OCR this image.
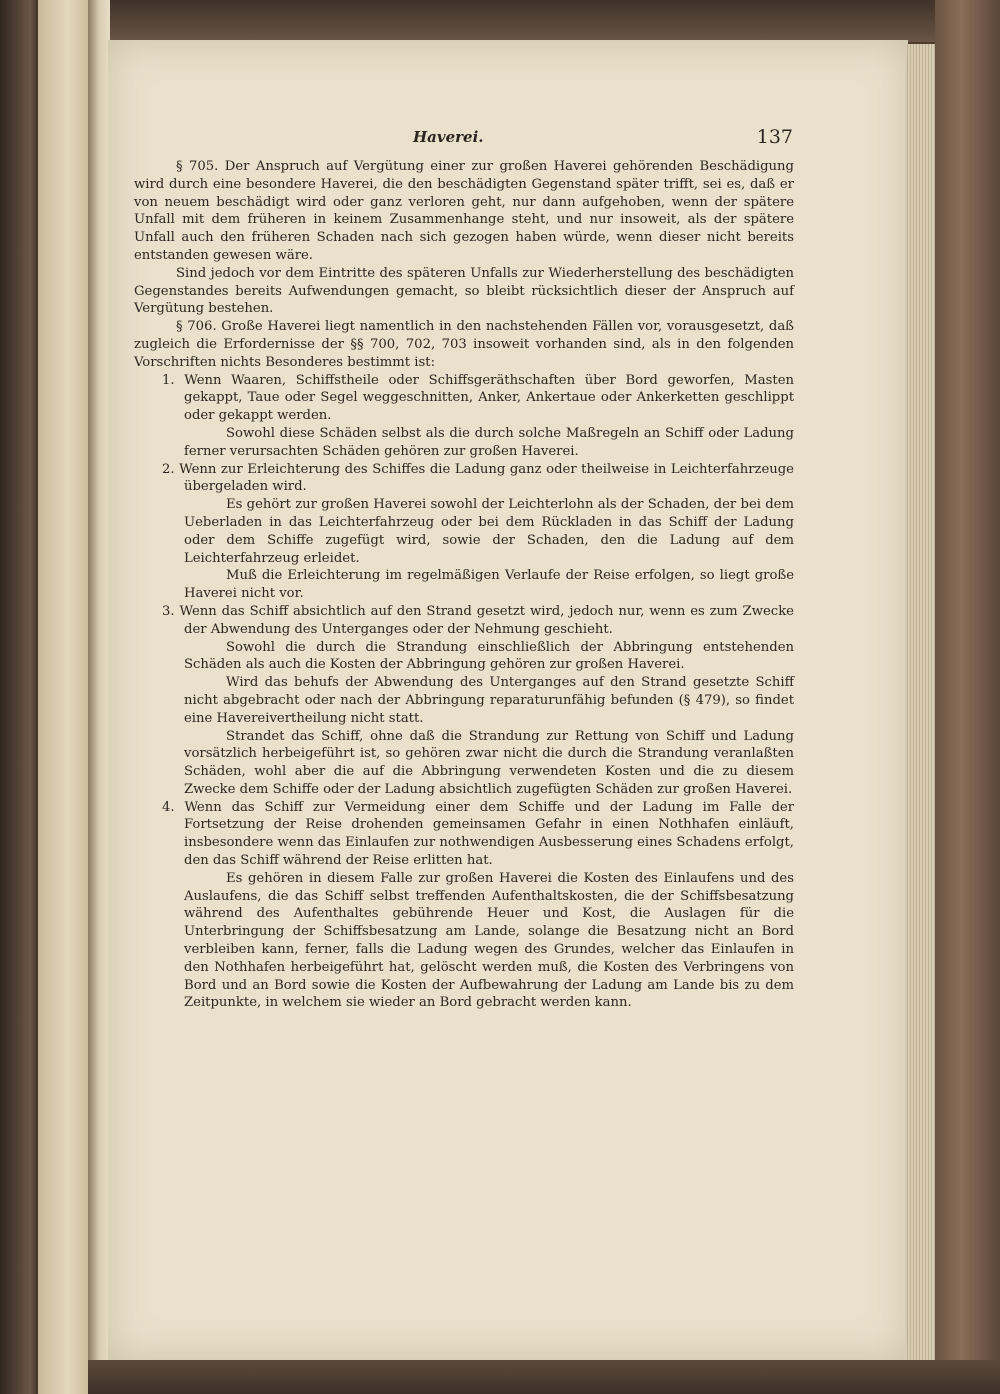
Haverei.	137

§ 705. Der Anspruch auf Vergütung einer zur großen Haverei gehörenden Beschädigung wird durch eine besondere Haverei, die den beschädigten Gegenstand später trifft, sei es, daß er von neuem beschädigt wird oder ganz verloren geht, nur dann aufgehoben, wenn der spätere Unfall mit dem früheren in keinem Zusammenhange steht, und nur insoweit, als der spätere Unfall auch den früheren Schaden nach sich gezogen haben würde, wenn dieser nicht bereits entstanden gewesen wäre.

Sind jedoch vor dem Eintritte des späteren Unfalls zur Wiederherstellung des beschädigten Gegenstandes bereits Aufwendungen gemacht, so bleibt rücksichtlich dieser der Anspruch auf Vergütung bestehen.

§ 706. Große Haverei liegt namentlich in den nachstehenden Fällen vor, vorausgesetzt, daß zugleich die Erfordernisse der §§ 700, 702, 703 insoweit vorhanden sind, als in den folgenden Vorschriften nichts Besonderes bestimmt ist:

1. Wenn Waaren, Schiffstheile oder Schiffsgeräthschaften über Bord geworfen, Masten gekappt, Taue oder Segel weggeschnitten, Anker, Ankertaue oder Ankerketten geschlippt oder gekappt werden.

Sowohl diese Schäden selbst als die durch solche Maßregeln an Schiff oder Ladung ferner verursachten Schäden gehören zur großen Haverei.

2. Wenn zur Erleichterung des Schiffes die Ladung ganz oder theilweise in Leichterfahrzeuge übergeladen wird.

Es gehört zur großen Haverei sowohl der Leichterlohn als der Schaden, der bei dem Ueberladen in das Leichterfahrzeug oder bei dem Rückladen in das Schiff der Ladung oder dem Schiffe zugefügt wird, sowie der Schaden, den die Ladung auf dem Leichterfahrzeug erleidet.

Muß die Erleichterung im regelmäßigen Verlaufe der Reise erfolgen, so liegt große Haverei nicht vor.

3. Wenn das Schiff absichtlich auf den Strand gesetzt wird, jedoch nur, wenn es zum Zwecke der Abwendung des Unterganges oder der Nehmung geschieht.

Sowohl die durch die Strandung einschließlich der Abbringung entstehenden Schäden als auch die Kosten der Abbringung gehören zur großen Haverei.

Wird das behufs der Abwendung des Unterganges auf den Strand gesetzte Schiff nicht abgebracht oder nach der Abbringung reparaturunfähig befunden (§ 479), so findet eine Havereivertheilung nicht statt.

Strandet das Schiff, ohne daß die Strandung zur Rettung von Schiff und Ladung vorsätzlich herbeigeführt ist, so gehören zwar nicht die durch die Strandung veranlaßten Schäden, wohl aber die auf die Abbringung verwendeten Kosten und die zu diesem Zwecke dem Schiffe oder der Ladung absichtlich zugefügten Schäden zur großen Haverei.

4. Wenn das Schiff zur Vermeidung einer dem Schiffe und der Ladung im Falle der Fortsetzung der Reise drohenden gemeinsamen Gefahr in einen Nothhafen einläuft, insbesondere wenn das Einlaufen zur nothwendigen Ausbesserung eines Schadens erfolgt, den das Schiff während der Reise erlitten hat.

Es gehören in diesem Falle zur großen Haverei die Kosten des Einlaufens und des Auslaufens, die das Schiff selbst treffenden Aufenthaltskosten, die der Schiffsbesatzung während des Aufenthaltes gebührende Heuer und Kost, die Auslagen für die Unterbringung der Schiffsbesatzung am Lande, solange die Besatzung nicht an Bord verbleiben kann, ferner, falls die Ladung wegen des Grundes, welcher das Einlaufen in den Nothhafen herbeigeführt hat, gelöscht werden muß, die Kosten des Verbringens von Bord und an Bord sowie die Kosten der Aufbewahrung der Ladung am Lande bis zu dem Zeitpunkte, in welchem sie wieder an Bord gebracht werden kann.
